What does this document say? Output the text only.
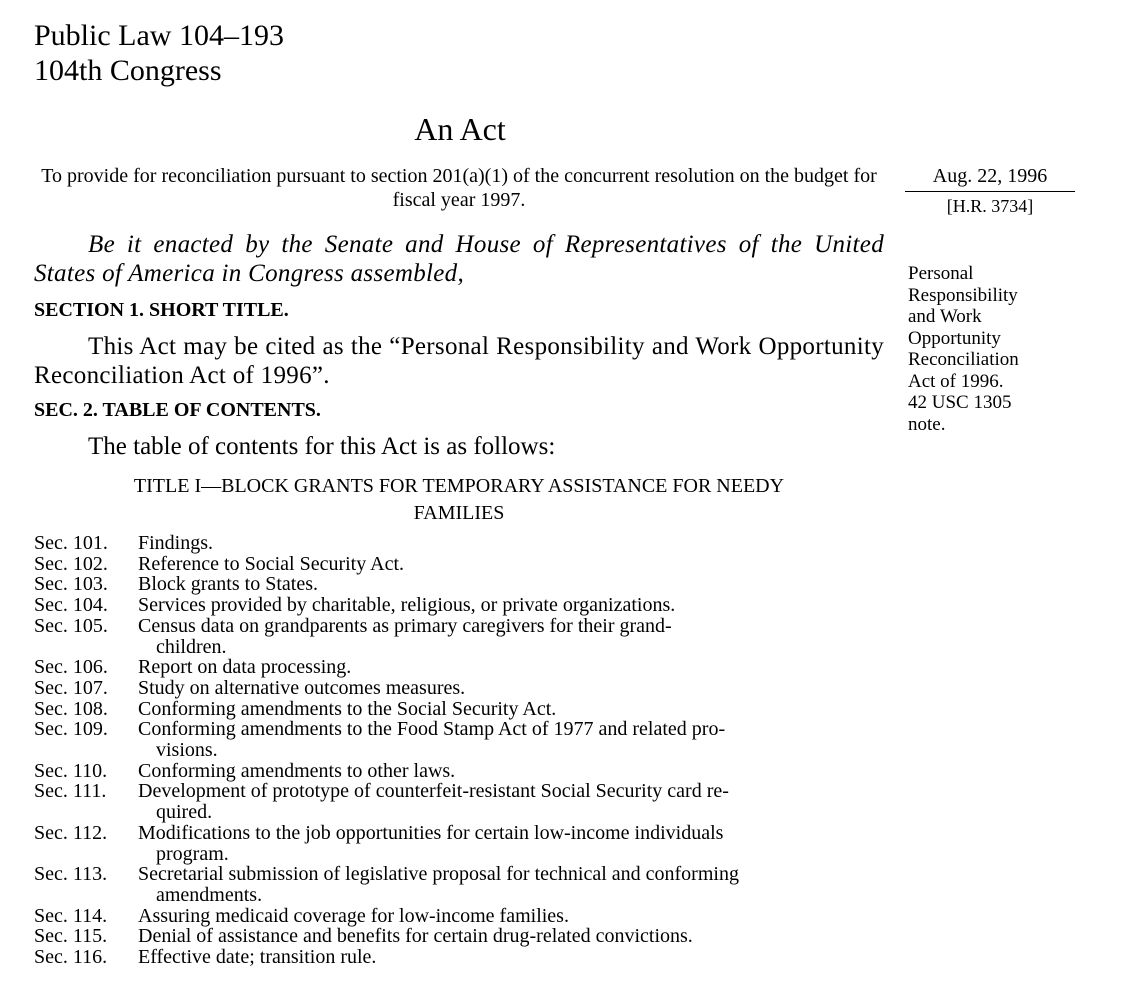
Public Law 104–193
104th Congress
An Act
To provide for reconciliation pursuant to section 201(a)(1) of the concurrent resolution on the budget for fiscal year 1997.
Aug. 22, 1996
[H.R. 3734]
Personal
Responsibility
and Work
Opportunity
Reconciliation
Act of 1996.
42 USC 1305
note.
Be it enacted by the Senate and House of Representatives of the United States of America in Congress assembled,
SECTION 1. SHORT TITLE.
This Act may be cited as the “Personal Responsibility and Work Opportunity Reconciliation Act of 1996”.
SEC. 2. TABLE OF CONTENTS.
The table of contents for this Act is as follows:
TITLE I—BLOCK GRANTS FOR TEMPORARY ASSISTANCE FOR NEEDY
FAMILIES
Sec. 101.	Findings.
Sec. 102.	Reference to Social Security Act.
Sec. 103.	Block grants to States.
Sec. 104.	Services provided by charitable, religious, or private organizations.
Sec. 105.	Census data on grandparents as primary caregivers for their grand-
children.
Sec. 106.	Report on data processing.
Sec. 107.	Study on alternative outcomes measures.
Sec. 108.	Conforming amendments to the Social Security Act.
Sec. 109.	Conforming amendments to the Food Stamp Act of 1977 and related pro-
visions.
Sec. 110.	Conforming amendments to other laws.
Sec. 111.	Development of prototype of counterfeit-resistant Social Security card re-
quired.
Sec. 112.	Modifications to the job opportunities for certain low-income individuals
program.
Sec. 113.	Secretarial submission of legislative proposal for technical and conforming
amendments.
Sec. 114.	Assuring medicaid coverage for low-income families.
Sec. 115.	Denial of assistance and benefits for certain drug-related convictions.
Sec. 116.	Effective date; transition rule.
